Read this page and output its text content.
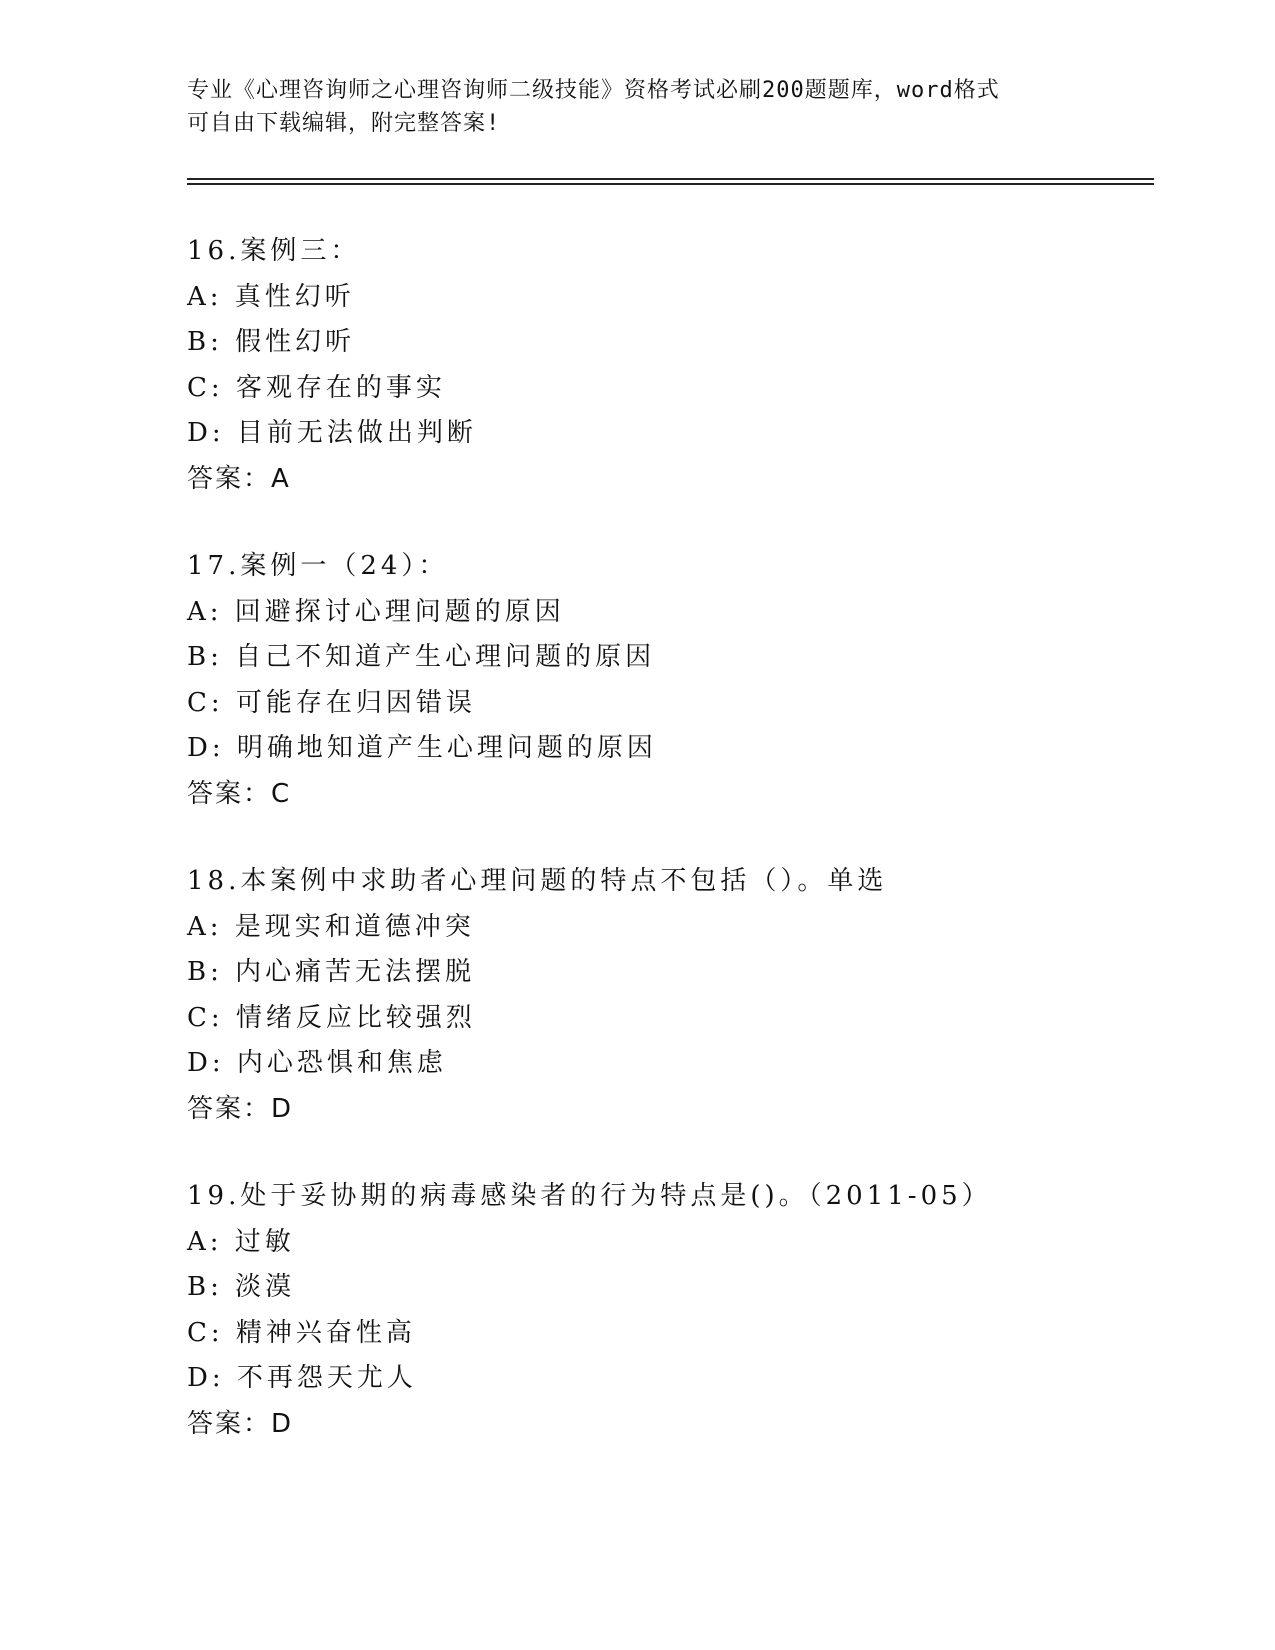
专业《心理咨询师之心理咨询师二级技能》资格考试必刷200题题库，word格式
可自由下载编辑，附完整答案!
16.案例三：
A: 真性幻听
B: 假性幻听
C: 客观存在的事实
D: 目前无法做出判断
答案：A
17.案例一（24）：
A: 回避探讨心理问题的原因
B: 自己不知道产生心理问题的原因
C: 可能存在归因错误
D: 明确地知道产生心理问题的原因
答案：C
18.本案例中求助者心理问题的特点不包括（）。单选
A: 是现实和道德冲突
B: 内心痛苦无法摆脱
C: 情绪反应比较强烈
D: 内心恐惧和焦虑
答案：D
19.处于妥协期的病毒感染者的行为特点是()。（2011-05）
A: 过敏
B: 淡漠
C: 精神兴奋性高
D: 不再怨天尤人
答案：D
